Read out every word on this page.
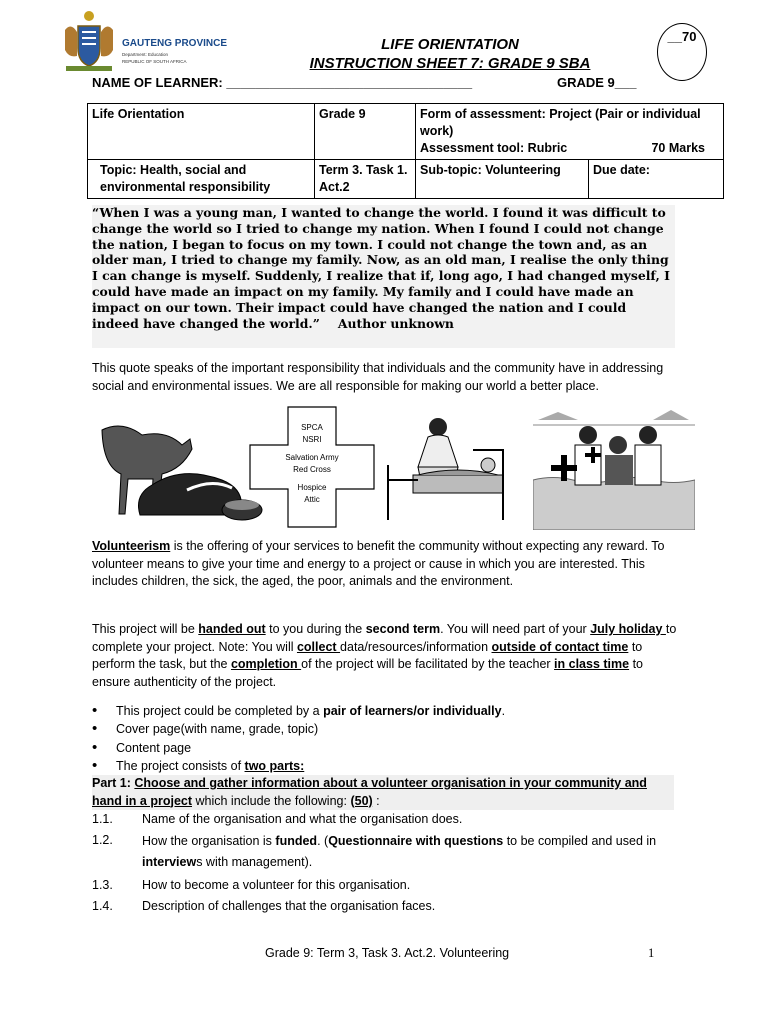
GAUTENG PROVINCE
Department: Education
REPUBLIC OF SOUTH AFRICA
LIFE ORIENTATION
INSTRUCTION SHEET 7: GRADE 9 SBA
__70
NAME OF LEARNER: __________________________________	GRADE 9___
Life Orientation	Grade 9	Form of assessment: Project (Pair or individual work)
Assessment tool: Rubric 70 Marks	

Topic: Health, social and environmental responsibility	Term 3. Task 1. Act.2	Sub-topic: Volunteering	Due date:
“When I was a young man, I wanted to change the world. I found it was difficult to change the world so I tried to change my nation. When I found I could not change the nation, I began to focus on my town. I could not change the town and, as an older man, I tried to change my family. Now, as an old man, I realise the only thing I can change is myself. Suddenly, I realize that if, long ago, I had changed myself, I could have made an impact on my family. My family and I could have made an impact on our town. Their impact could have changed the nation and I could indeed have changed the world.” Author unknown
This quote speaks of the important responsibility that individuals and the community have in addressing social and environmental issues. We are all responsible for making our world a better place.
SPCA
NSRI
Salvation Army
Red Cross
Hospice
Attic
Volunteerism is the offering of your services to benefit the community without expecting any reward. To volunteer means to give your time and energy to a project or cause in which you are interested. This includes children, the sick, the aged, the poor, animals and the environment.
This project will be handed out to you during the second term. You will need part of your July holiday to complete your project. Note: You will collect data/resources/information outside of contact time to perform the task, but the completion of the project will be facilitated by the teacher in class time to ensure authenticity of the project.
• This project could be completed by a pair of learners/or individually.
• Cover page(with name, grade, topic)
• Content page
• The project consists of two parts:
Part 1: Choose and gather information about a volunteer organisation in your community and hand in a project which include the following: (50) :
1.1.	Name of the organisation and what the organisation does.
1.2.	How the organisation is funded. (Questionnaire with questions to be compiled and used in interviews with management).
1.3.	How to become a volunteer for this organisation.
1.4.	Description of challenges that the organisation faces.
Grade 9: Term 3, Task 3. Act.2. Volunteering	1
